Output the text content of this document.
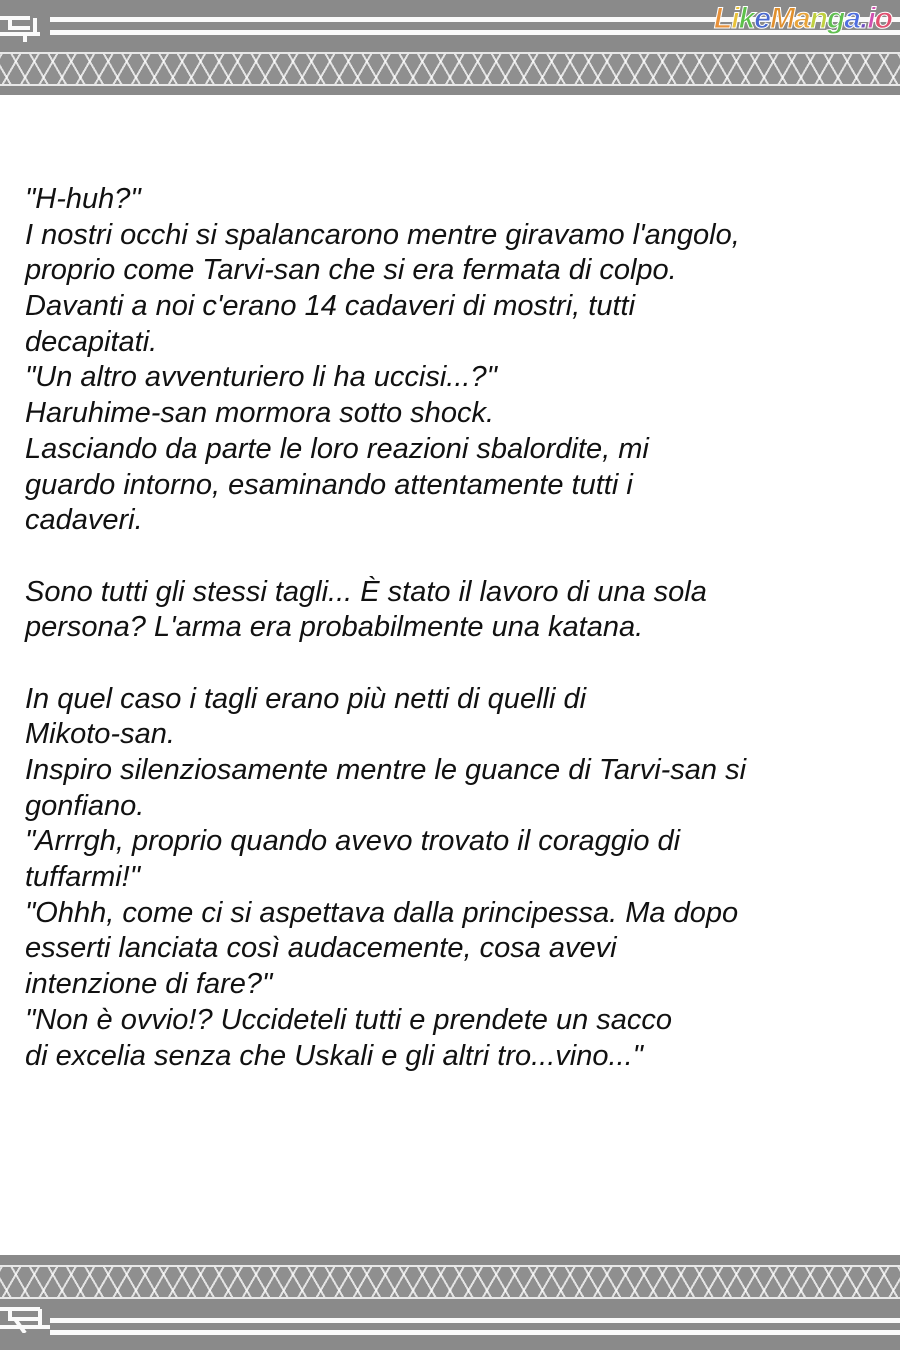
LikeManga.io
"H-huh?"
I nostri occhi si spalancarono mentre giravamo l'angolo,
proprio come Tarvi-san che si era fermata di colpo.
Davanti a noi c'erano 14 cadaveri di mostri, tutti
decapitati.
"Un altro avventuriero li ha uccisi...?"
Haruhime-san mormora sotto shock.
Lasciando da parte le loro reazioni sbalordite, mi
guardo intorno, esaminando attentamente tutti i
cadaveri.
Sono tutti gli stessi tagli... È stato il lavoro di una sola
persona? L'arma era probabilmente una katana.
In quel caso i tagli erano più netti di quelli di
Mikoto-san.
Inspiro silenziosamente mentre le guance di Tarvi-san si
gonfiano.
"Arrrgh, proprio quando avevo trovato il coraggio di
tuffarmi!"
"Ohhh, come ci si aspettava dalla principessa. Ma dopo
esserti lanciata così audacemente, cosa avevi
intenzione di fare?"
"Non è ovvio!? Uccideteli tutti e prendete un sacco
di excelia senza che Uskali e gli altri tro...vino..."
